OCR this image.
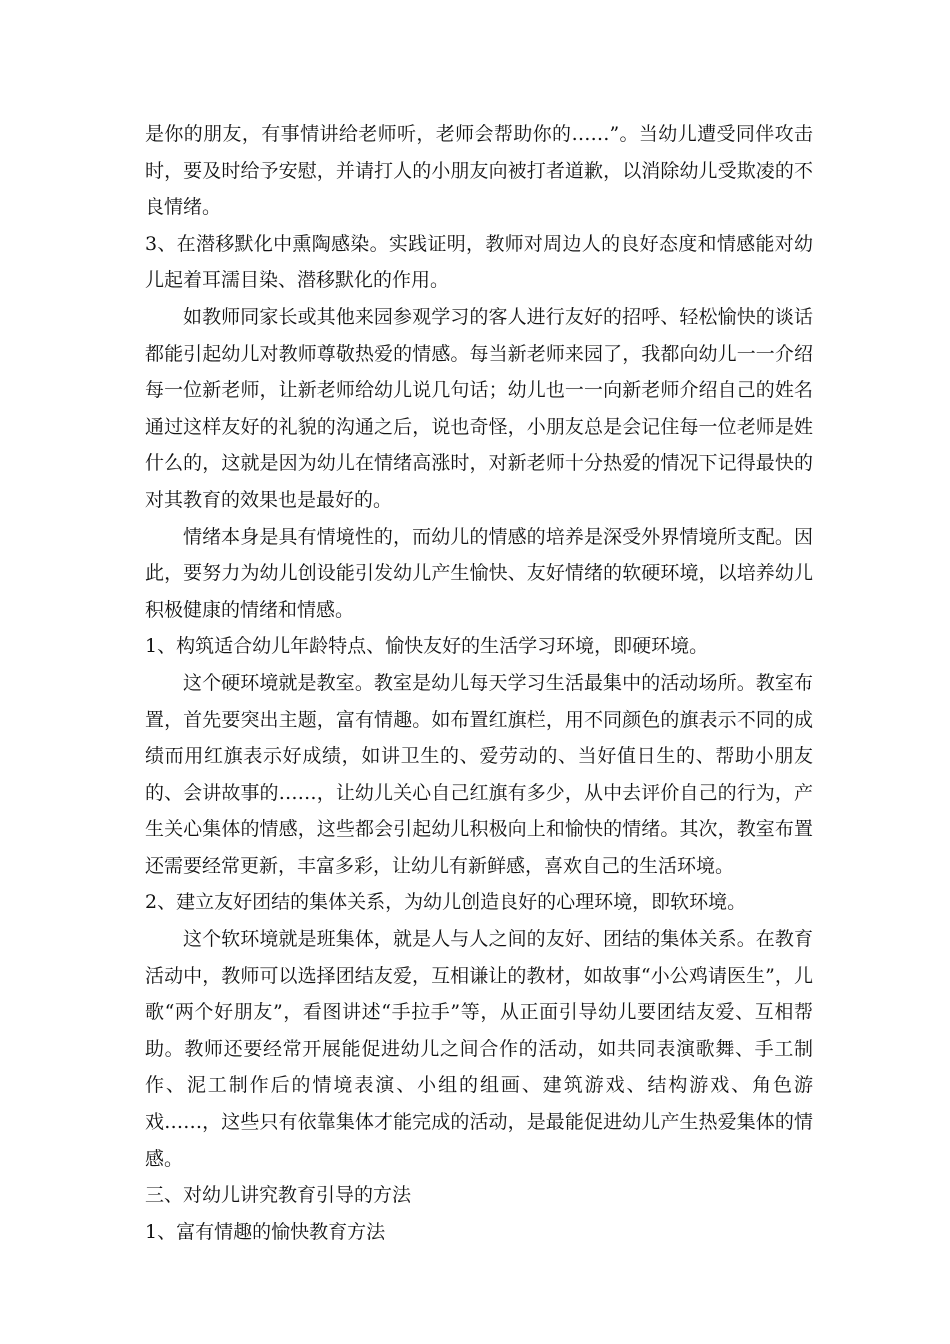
是你的朋友，有事情讲给老师听，老师会帮助你的……”。当幼儿遭受同伴攻击时，要及时给予安慰，并请打人的小朋友向被打者道歉，以消除幼儿受欺凌的不良情绪。

3、在潜移默化中熏陶感染。实践证明，教师对周边人的良好态度和情感能对幼儿起着耳濡目染、潜移默化的作用。

如教师同家长或其他来园参观学习的客人进行友好的招呼、轻松愉快的谈话都能引起幼儿对教师尊敬热爱的情感。每当新老师来园了，我都向幼儿一一介绍每一位新老师，让新老师给幼儿说几句话；幼儿也一一向新老师介绍自己的姓名通过这样友好的礼貌的沟通之后，说也奇怪，小朋友总是会记住每一位老师是姓什么的，这就是因为幼儿在情绪高涨时，对新老师十分热爱的情况下记得最快的对其教育的效果也是最好的。

情绪本身是具有情境性的，而幼儿的情感的培养是深受外界情境所支配。因此，要努力为幼儿创设能引发幼儿产生愉快、友好情绪的软硬环境，以培养幼儿积极健康的情绪和情感。

1、构筑适合幼儿年龄特点、愉快友好的生活学习环境，即硬环境。

这个硬环境就是教室。教室是幼儿每天学习生活最集中的活动场所。教室布置，首先要突出主题，富有情趣。如布置红旗栏，用不同颜色的旗表示不同的成绩而用红旗表示好成绩，如讲卫生的、爱劳动的、当好值日生的、帮助小朋友的、会讲故事的……，让幼儿关心自己红旗有多少，从中去评价自己的行为，产生关心集体的情感，这些都会引起幼儿积极向上和愉快的情绪。其次，教室布置还需要经常更新，丰富多彩，让幼儿有新鲜感，喜欢自己的生活环境。

2、建立友好团结的集体关系，为幼儿创造良好的心理环境，即软环境。

这个软环境就是班集体，就是人与人之间的友好、团结的集体关系。在教育活动中，教师可以选择团结友爱，互相谦让的教材，如故事“小公鸡请医生”，儿歌“两个好朋友”，看图讲述“手拉手”等，从正面引导幼儿要团结友爱、互相帮助。教师还要经常开展能促进幼儿之间合作的活动，如共同表演歌舞、手工制作、泥工制作后的情境表演、小组的组画、建筑游戏、结构游戏、角色游戏……，这些只有依靠集体才能完成的活动，是最能促进幼儿产生热爱集体的情感。

三、对幼儿讲究教育引导的方法

1、富有情趣的愉快教育方法
